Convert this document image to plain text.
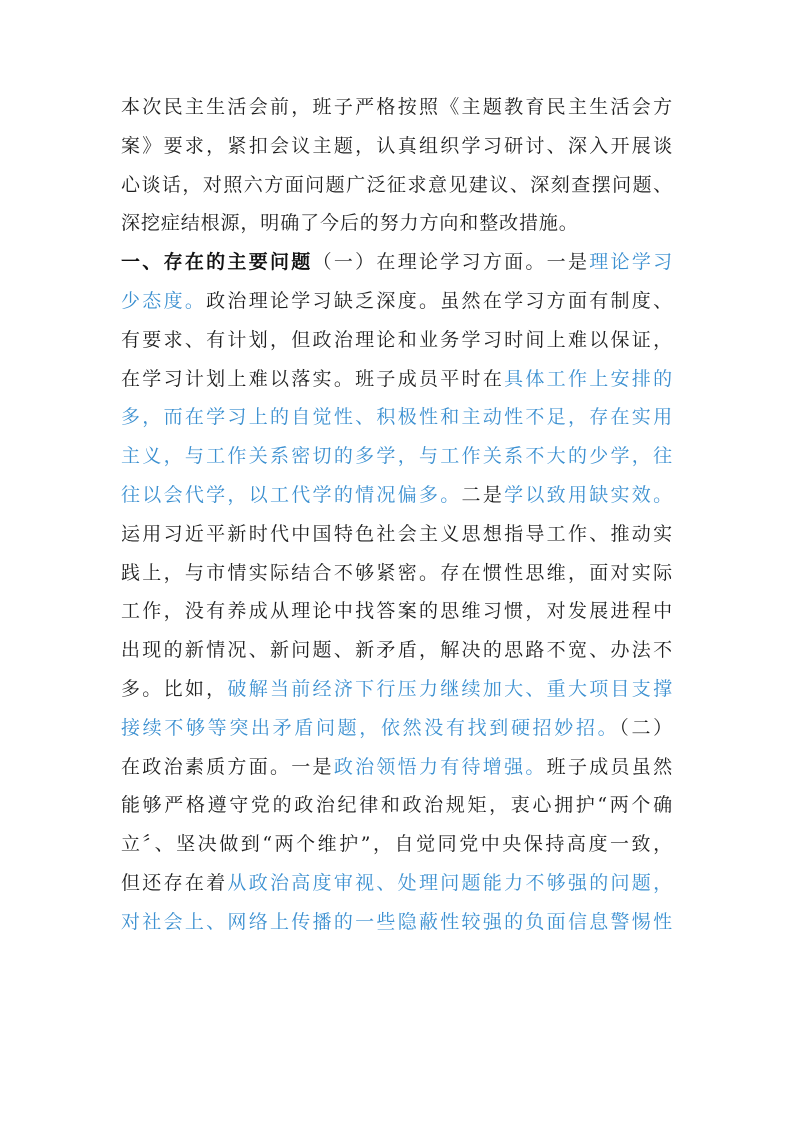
本次民主生活会前，班子严格按照《主题教育民主生活会方
案》要求，紧扣会议主题，认真组织学习研讨、深入开展谈
心谈话，对照六方面问题广泛征求意见建议、深刻查摆问题、
深挖症结根源，明确了今后的努力方向和整改措施。
一、存在的主要问题（一）在理论学习方面。一是理论学习
少态度。政治理论学习缺乏深度。虽然在学习方面有制度、
有要求、有计划，但政治理论和业务学习时间上难以保证，
在学习计划上难以落实。班子成员平时在具体工作上安排的
多，而在学习上的自觉性、积极性和主动性不足，存在实用
主义，与工作关系密切的多学，与工作关系不大的少学，往
往以会代学，以工代学的情况偏多。二是学以致用缺实效。
运用习近平新时代中国特色社会主义思想指导工作、推动实
践上，与市情实际结合不够紧密。存在惯性思维，面对实际
工作，没有养成从理论中找答案的思维习惯，对发展进程中
出现的新情况、新问题、新矛盾，解决的思路不宽、办法不
多。比如，破解当前经济下行压力继续加大、重大项目支撑
接续不够等突出矛盾问题，依然没有找到硬招妙招。（二）
在政治素质方面。一是政治领悟力有待增强。班子成员虽然
能够严格遵守党的政治纪律和政治规矩，衷心拥护“两个确
立〞、坚决做到“两个维护”，自觉同党中央保持高度一致，
但还存在着从政治高度审视、处理问题能力不够强的问题，
对社会上、网络上传播的一些隐蔽性较强的负面信息警惕性
